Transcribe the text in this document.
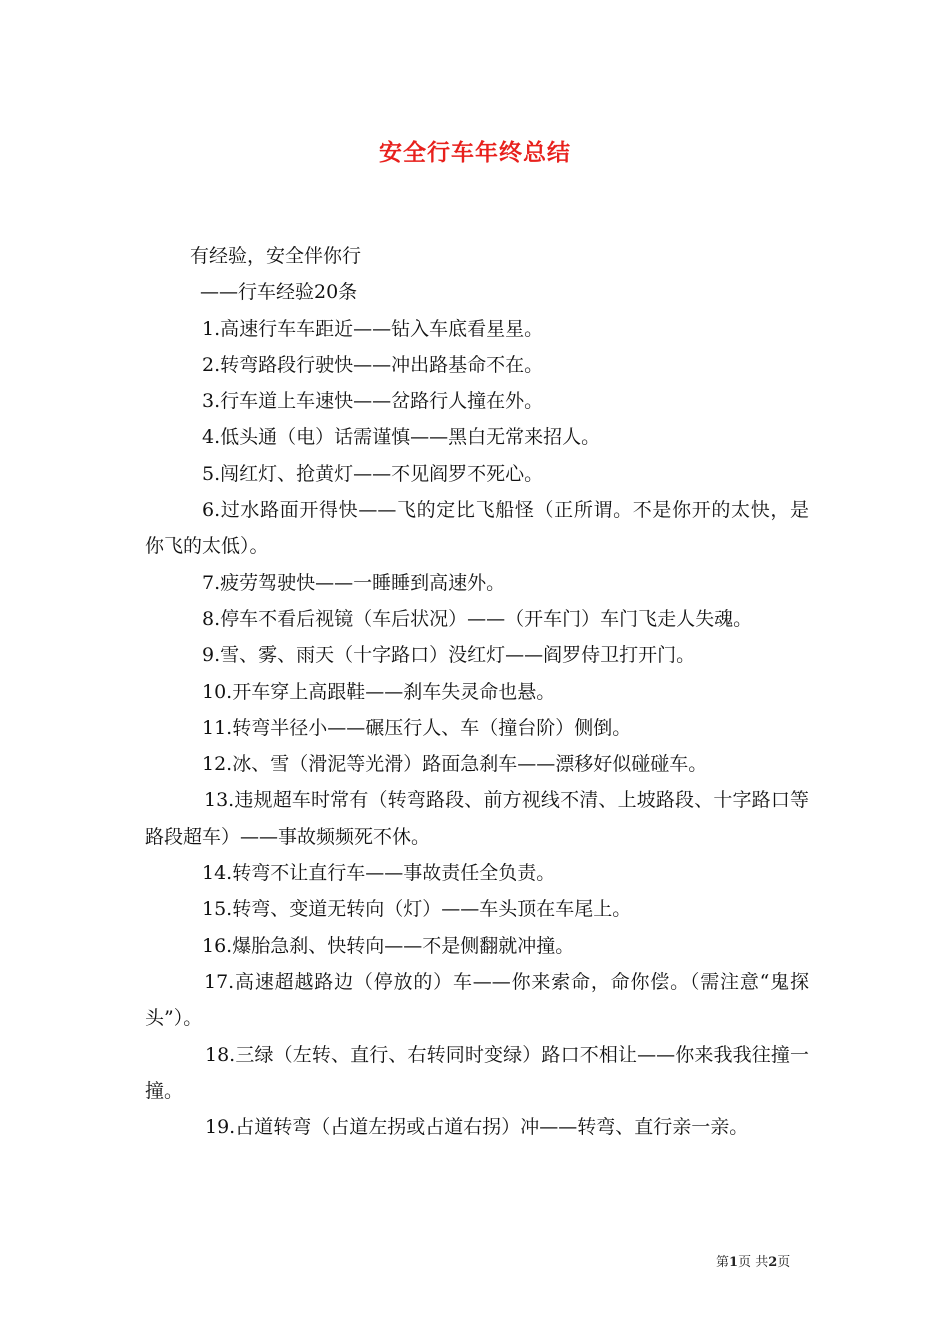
安全行车年终总结
有经验，安全伴你行
——行车经验20条
1.高速行车车距近——钻入车底看星星。
2.转弯路段行驶快——冲出路基命不在。
3.行车道上车速快——岔路行人撞在外。
4.低头通（电）话需谨慎——黑白无常来招人。
5.闯红灯、抢黄灯——不见阎罗不死心。
6.过水路面开得快——飞的定比飞船怪（正所谓。不是你开的太快，是你飞的太低）。
7.疲劳驾驶快——一睡睡到高速外。
8.停车不看后视镜（车后状况）——（开车门）车门飞走人失魂。
9.雪、雾、雨天（十字路口）没红灯——阎罗侍卫打开门。
10.开车穿上高跟鞋——刹车失灵命也悬。
11.转弯半径小——碾压行人、车（撞台阶）侧倒。
12.冰、雪（滑泥等光滑）路面急刹车——漂移好似碰碰车。
13.违规超车时常有（转弯路段、前方视线不清、上坡路段、十字路口等路段超车）——事故频频死不休。
14.转弯不让直行车——事故责任全负责。
15.转弯、变道无转向（灯）——车头顶在车尾上。
16.爆胎急刹、快转向——不是侧翻就冲撞。
17.高速超越路边（停放的）车——你来索命，命你偿。（需注意“鬼探头”）。
18.三绿（左转、直行、右转同时变绿）路口不相让——你来我我往撞一撞。
19.占道转弯（占道左拐或占道右拐）冲——转弯、直行亲一亲。
第1页 共2页
